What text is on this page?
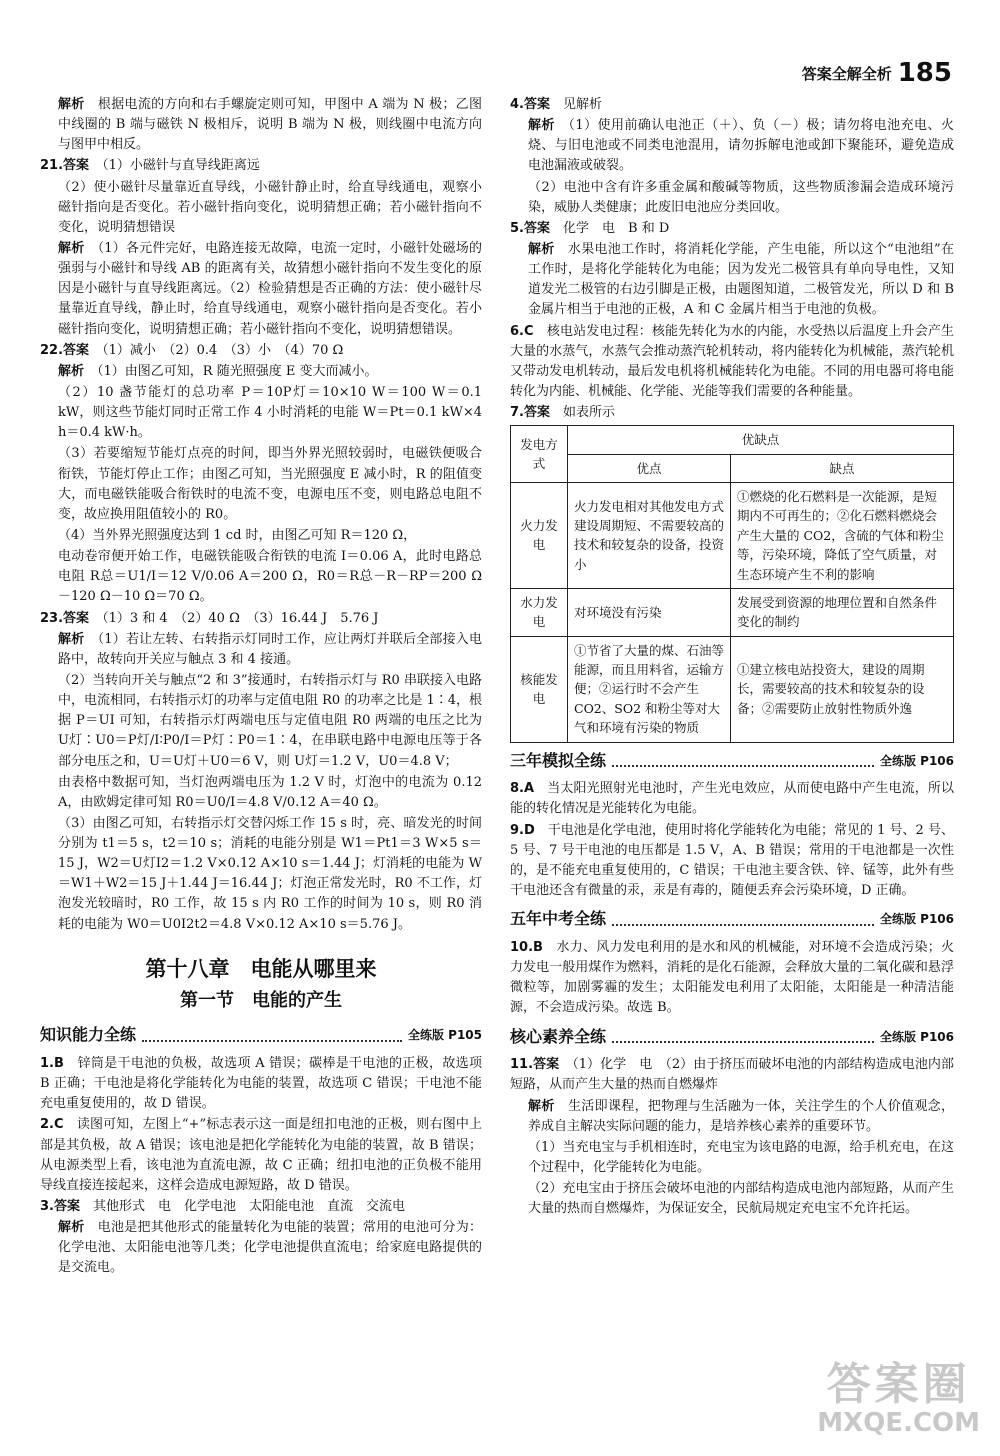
答案全解全析 185

解析　 根据电流的方向和右手螺旋定则可知，甲图中 A 端为 N 极；乙图中线圈的 B 端与磁铁 N 极相斥，说明 B 端为 N 极，则线圈中电流方向与图甲中相反。

21.答案　 （1）小磁针与直导线距离远

（2）使小磁针尽量靠近直导线，小磁针静止时，给直导线通电，观察小磁针指向是否变化。若小磁针指向变化，说明猜想正确；若小磁针指向不变化，说明猜想错误

解析　 （1）各元件完好，电路连接无故障，电流一定时，小磁针处磁场的强弱与小磁针和导线 AB 的距离有关，故猜想小磁针指向不发生变化的原因是小磁针与直导线距离远。（2）检验猜想是否正确的方法：使小磁针尽量靠近直导线，静止时，给直导线通电，观察小磁针指向是否变化。若小磁针指向变化，说明猜想正确；若小磁针指向不变化，说明猜想错误。

22.答案　 （1）减小　（2）0.4　（3）小　（4）70 Ω

解析　 （1）由图乙可知，R 随光照强度 E 变大而减小。

（2）10 盏节能灯的总功率 P＝10P灯＝10×10 W＝100 W＝0.1 kW，则这些节能灯同时正常工作 4 小时消耗的电能 W＝Pt＝0.1 kW×4 h＝0.4 kW·h。

（3）若要缩短节能灯点亮的时间，即当外界光照较弱时，电磁铁便吸合衔铁，节能灯停止工作；由图乙可知，当光照强度 E 减小时，R 的阻值变大，而电磁铁能吸合衔铁时的电流不变，电源电压不变，则电路总电阻不变，故应换用阻值较小的 R0。

（4）当外界光照强度达到 1 cd 时，由图乙可知 R＝120 Ω，

电动卷帘便开始工作，电磁铁能吸合衔铁的电流 I＝0.06 A，此时电路总电阻 R总＝U1/I＝12 V/0.06 A＝200 Ω，R0＝R总－R－RP＝200 Ω－120 Ω－10 Ω＝70 Ω。

23.答案　 （1）3 和 4　（2）40 Ω　（3）16.44 J　5.76 J

解析　 （1）若让左转、右转指示灯同时工作，应让两灯并联后全部接入电路中，故转向开关应与触点 3 和 4 接通。

（2）当转向开关与触点“2 和 3”接通时，右转指示灯与 R0 串联接入电路中，电流相同，右转指示灯的功率与定值电阻 R0 的功率之比是 1∶4，根据 P＝UI 可知，右转指示灯两端电压与定值电阻 R0 两端的电压之比为 U灯∶U0＝P灯/I∶P0/I＝P灯∶P0＝1∶4，在串联电路中电源电压等于各部分电压之和，U＝U灯＋U0＝6 V，则 U灯＝1.2 V，U0＝4.8 V；

由表格中数据可知，当灯泡两端电压为 1.2 V 时，灯泡中的电流为 0.12 A，由欧姆定律可知 R0＝U0/I＝4.8 V/0.12 A＝40 Ω。

（3）由图乙可知，右转指示灯交替闪烁工作 15 s 时，亮、暗发光的时间分别为 t1＝5 s，t2＝10 s；消耗的电能分别是 W1＝Pt1＝3 W×5 s＝15 J，W2＝U灯I2＝1.2 V×0.12 A×10 s＝1.44 J；灯消耗的电能为 W＝W1＋W2＝15 J＋1.44 J＝16.44 J；灯泡正常发光时，R0 不工作，灯泡发光较暗时，R0 工作，故 15 s 内 R0 工作的时间为 10 s，则 R0 消耗的电能为 W0＝U0I2t2＝4.8 V×0.12 A×10 s＝5.76 J。

第十八章　电能从哪里来
第一节　电能的产生
知识能力全练	全练版 P105

1.B　 锌筒是干电池的负极，故选项 A 错误；碳棒是干电池的正极，故选项 B 正确；干电池是将化学能转化为电能的装置，故选项 C 错误；干电池不能充电重复使用的，故 D 错误。

2.C　 读图可知，左图上“+”标志表示这一面是纽扣电池的正极，则右图中上部是其负极，故 A 错误；该电池是把化学能转化为电能的装置，故 B 错误；从电源类型上看，该电池为直流电源，故 C 正确；纽扣电池的正负极不能用导线直接连接起来，这样会造成电源短路，故 D 错误。

3.答案　 其他形式　电　化学电池　太阳能电池　直流　交流电

解析　 电池是把其他形式的能量转化为电能的装置；常用的电池可分为：化学电池、太阳能电池等几类；化学电池提供直流电；给家庭电路提供的是交流电。

4.答案　 见解析

解析　 （1）使用前确认电池正（＋）、负（－）极；请勿将电池充电、火烧、与旧电池或不同类电池混用，请勿拆解电池或卸下聚能环，避免造成电池漏液或破裂。

（2）电池中含有许多重金属和酸碱等物质，这些物质渗漏会造成环境污染，威胁人类健康；此废旧电池应分类回收。

5.答案　 化学　电　B 和 D

解析　 水果电池工作时，将消耗化学能，产生电能，所以这个“电池组”在工作时，是将化学能转化为电能；因为发光二极管具有单向导电性，又知道发光二极管的右边引脚是正极，由题图知道，二极管发光，所以 D 和 B 金属片相当于电池的正极，A 和 C 金属片相当于电池的负极。

6.C　 核电站发电过程：核能先转化为水的内能，水受热以后温度上升会产生大量的水蒸气，水蒸气会推动蒸汽轮机转动，将内能转化为机械能，蒸汽轮机又带动发电机转动，最后发电机将机械能转化为电能。不同的用电器可将电能转化为内能、机械能、化学能、光能等我们需要的各种能量。

7.答案　 如表所示

发电方式	优缺点	
	优点	缺点
火力发电	火力发电相对其他发电方式建设周期短、不需要较高的技术和较复杂的设备，投资小	①燃烧的化石燃料是一次能源，是短期内不可再生的；②化石燃料燃烧会产生大量的 CO2，含硫的气体和粉尘等，污染环境，降低了空气质量，对生态环境产生不利的影响
水力发电	对环境没有污染	发展受到资源的地理位置和自然条件变化的制约
核能发电	①节省了大量的煤、石油等能源，而且用料省，运输方便；②运行时不会产生 CO2、SO2 和粉尘等对大气和环境有污染的物质	①建立核电站投资大，建设的周期长，需要较高的技术和较复杂的设备；②需要防止放射性物质外逸
三年模拟全练	全练版 P106

8.A　 当太阳光照射光电池时，产生光电效应，从而使电路中产生电流，所以能的转化情况是光能转化为电能。

9.D　 干电池是化学电池，使用时将化学能转化为电能；常见的 1 号、2 号、5 号、7 号干电池的电压都是 1.5 V，A、B 错误；常用的干电池都是一次性的，是不能充电重复使用的，C 错误；干电池主要含铁、锌、锰等，此外有些干电池还含有微量的汞，汞是有毒的，随便丢弃会污染环境，D 正确。

五年中考全练	全练版 P106

10.B　 水力、风力发电利用的是水和风的机械能，对环境不会造成污染；火力发电一般用煤作为燃料，消耗的是化石能源，会释放大量的二氧化碳和悬浮微粒等，加剧雾霾的发生；太阳能发电利用了太阳能，太阳能是一种清洁能源，不会造成污染。故选 B。

核心素养全练	全练版 P106

11.答案　 （1）化学　电　（2）由于挤压而破坏电池的内部结构造成电池内部短路，从而产生大量的热而自燃爆炸

解析　 生活即课程，把物理与生活融为一体，关注学生的个人价值观念，养成自主解决实际问题的能力，是培养核心素养的重要环节。

（1）当充电宝与手机相连时，充电宝为该电路的电源，给手机充电，在这个过程中，化学能转化为电能。

（2）充电宝由于挤压会破坏电池的内部结构造成电池内部短路，从而产生大量的热而自燃爆炸，为保证安全，民航局规定充电宝不允许托运。

答案圈
MXQE.COM
